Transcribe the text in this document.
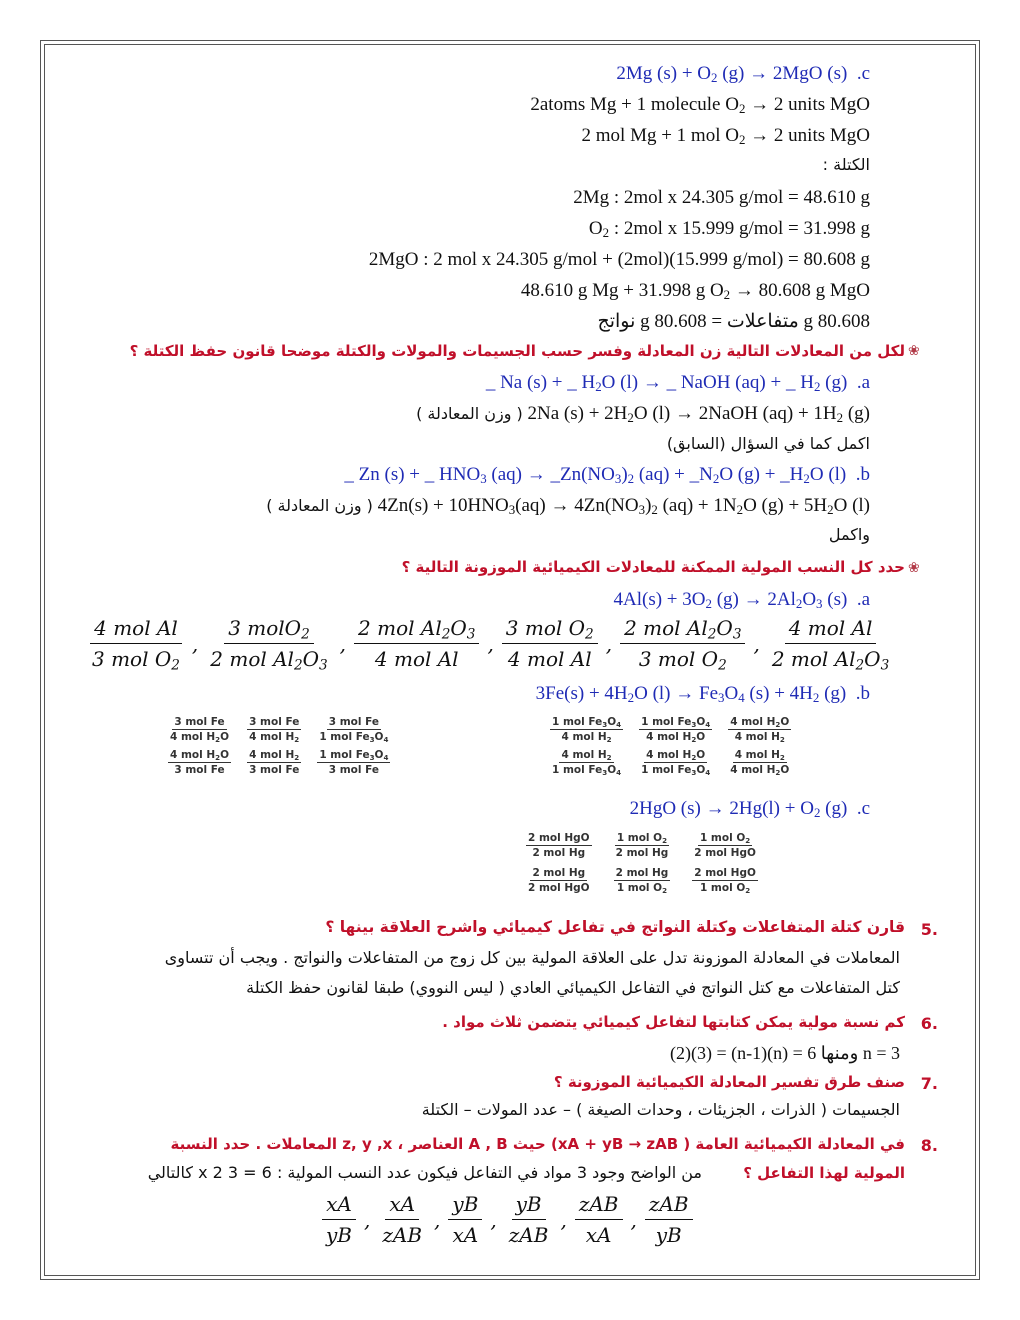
2Mg $(s) + O_2$ (g) → 2MgO (s) .c
2atoms Mg + 1 molecule $O_2 \to 2$ units MgO
2 mol Mg + 1 mol $O_2 \to 2$ units MgO
الكتلة :
2Mg : 2mol x 24.305 g/mol = 48.610 g
$O_2$ : 2mol x 15.999 g/mol = 31.998 g
2MgO : 2 mol x 24.305 g/mol + (2mol)(15.999 g/mol) = 80.608 g
48.610 g Mg + 31.998 g $O_2 \to 80.608$ g MgO
80.608 g متفاعلات = 80.608 g نواتج
❀
لكل من المعادلات التالية زن المعادلة وفسر حسب الجسيمات والمولات والكتلة موضحا قانون حفظ الكتلة ؟
_ Na (s) + _ $H_2O$ (l) → _ NaOH (aq) + _ $H_2$ (g) .a
( وزن المعادلة ) 2Na $(s) + 2H_2O$ (l) → 2NaOH $(aq) + 1H_2$ (g)
اكمل كما في السؤال (السابق)
_ Zn (s) + _ $HNO_3$ $(aq) \to \_Zn(NO_3)_2$ $(aq) + \_N_2O$ $(g) + \_H_2O$ (l) .b
( وزن المعادلة ) $4Zn(s) + 10HNO_3(aq) \to 4Zn(NO_3)_2$ $(aq) + 1N_2O$ $(g) + 5H_2O$ (l)
واكمل
❀
حدد كل النسب المولية الممكنة للمعادلات الكيميائية الموزونة التالية ؟
$4Al(s) + 3O_2$ $(g) \to 2Al_2O_3$ (s) .a
$\frac{\text{4 mol Al}}{3 mol O_2}$ , $\frac{3 molO_2}{2 mol Al_2O_3}$ , $\frac{2 mol Al_2O_3}{\text{4 mol Al}}$ , $\frac{3 mol O_2}{\text{4 mol Al}}$ , $\frac{2 mol Al_2O_3}{3 mol O_2}$ , $\frac{\text{4 mol Al}}{2 mol Al_2O_3}$
$3Fe(s) + 4H_2O$ $(l) \to Fe_3O_4$ $(s) + 4H_2$ (g) .b
$\frac{\text{3 mol Fe}}{4 mol H_2O}$
$\frac{4 mol H_2O}{\text{3 mol Fe}}$
$\frac{\text{3 mol Fe}}{4 mol H_2}$
$\frac{4 mol H_2}{\text{3 mol Fe}}$
$\frac{\text{3 mol Fe}}{1 mol Fe_3O_4}$
$\frac{1 mol Fe_3O_4}{\text{3 mol Fe}}$
$\frac{1 mol Fe_3O_4}{4 mol H_2}$
$\frac{4 mol H_2}{1 mol Fe_3O_4}$
$\frac{1 mol Fe_3O_4}{4 mol H_2O}$
$\frac{4 mol H_2O}{1 mol Fe_3O_4}$
$\frac{4 mol H_2O}{4 mol H_2}$
$\frac{4 mol H_2}{4 mol H_2O}$
2HgO $(s) \to 2Hg(l) + O_2$ (g) .c
$\frac{\text{2 mol HgO}}{\text{2 mol Hg}}$
$\frac{\text{2 mol Hg}}{\text{2 mol HgO}}$
$\frac{1 mol O_2}{\text{2 mol Hg}}$
$\frac{\text{2 mol Hg}}{1 mol O_2}$
$\frac{1 mol O_2}{\text{2 mol HgO}}$
$\frac{\text{2 mol HgO}}{1 mol O_2}$
5.
قارن كتلة المتفاعلات وكتلة النواتج في تفاعل كيميائي واشرح العلاقة بينها ؟
المعاملات في المعادلة الموزونة تدل على العلاقة المولية بين كل زوج من المتفاعلات والنواتج . ويجب أن تتساوى
كتل المتفاعلات مع كتل النواتج في التفاعل الكيميائي العادي ( ليس النووي) طبقا لقانون حفظ الكتلة
6.
كم نسبة مولية يمكن كتابتها لتفاعل كيميائي يتضمن ثلاث مواد .
n = 3 ومنها 6 = (n)(n-1) = (3)(2)
7.
صنف طرق تفسير المعادلة الكيميائية الموزونة ؟
الجسيمات ( الذرات ، الجزيئات ، وحدات الصيغة ) – عدد المولات – الكتلة
8.
في المعادلة الكيميائية العامة ( xA + yB → zAB) حيث A , B العناصر ، z, y ,x المعاملات . حدد النسبة
المولية لهذا التفاعل ؟
من الواضح وجود 3 مواد في التفاعل فيكون عدد النسب المولية : 6 = 3 x 2 كالتالي
$\frac{xA}{yB}$ , $\frac{xA}{\text{zAB}}$ , $\frac{yB}{xA}$ , $\frac{yB}{\text{zAB}}$ , $\frac{\text{zAB}}{xA}$ , $\frac{\text{zAB}}{yB}$
